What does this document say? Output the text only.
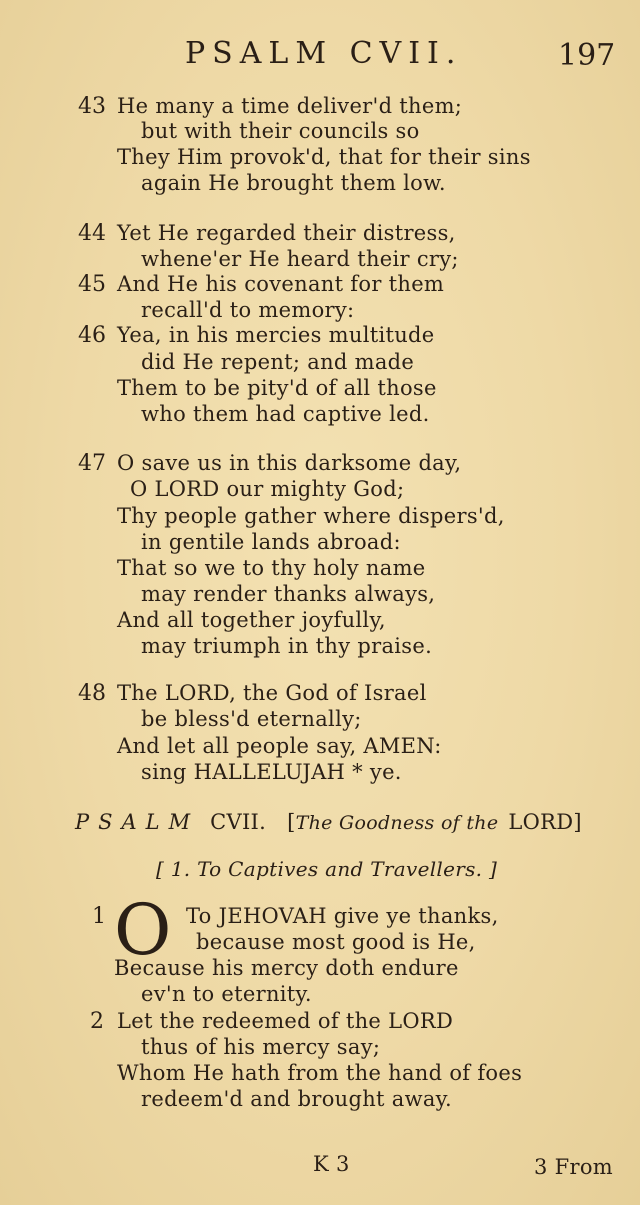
PSALM CVII.	197
43 He many a time deliver'd them;
but with their councils so
They Him provok'd, that for their sins
again He brought them low.
44 Yet He regarded their distress,
whene'er He heard their cry;
45 And He his covenant for them
recall'd to memory:
46 Yea, in his mercies multitude
did He repent; and made
Them to be pity'd of all those
who them had captive led.
47 O save us in this darksome day,
O LORD our mighty God;
Thy people gather where dispers'd,
in gentile lands abroad:
That so we to thy holy name
may render thanks always,
And all together joyfully,
may triumph in thy praise.
48 The LORD, the God of Israel
be bless'd eternally;
And let all people say, AMEN:
sing HALLELUJAH * ye.
PSALM CVII. [The Goodness of the LORD]
[ 1. To Captives and Travellers. ]
1 O To JEHOVAH give ye thanks,
because most good is He,
Because his mercy doth endure
ev'n to eternity.
2 Let the redeemed of the LORD
thus of his mercy say;
Whom He hath from the hand of foes
redeem'd and brought away.
K 3	3 From
